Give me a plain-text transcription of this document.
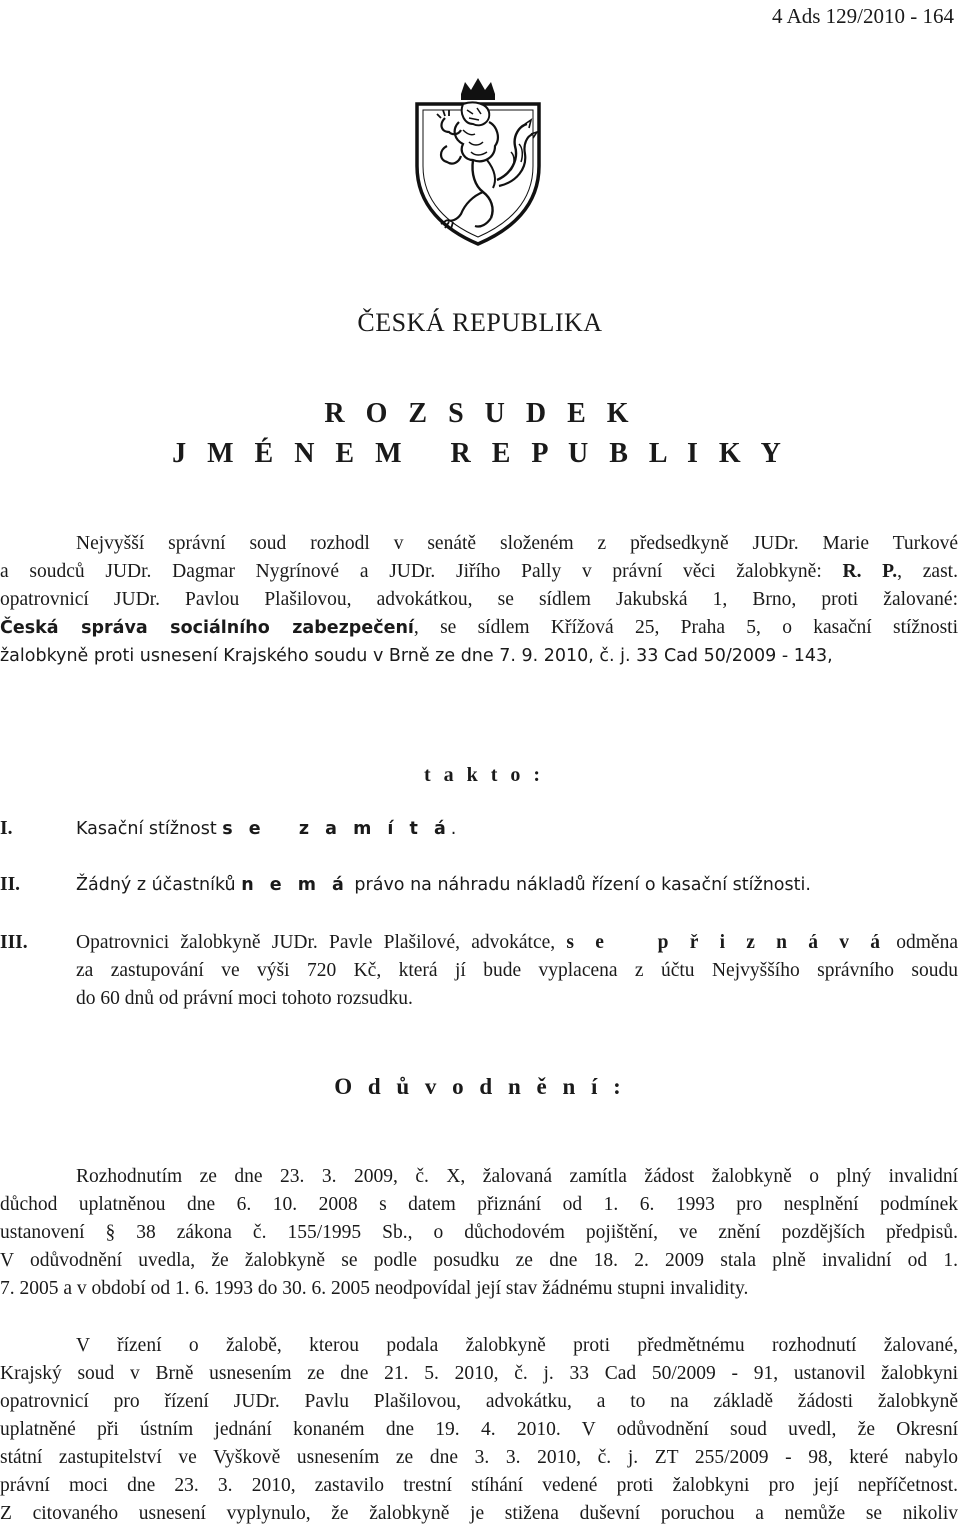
4 Ads 129/2010 - 164
ČESKÁ REPUBLIKA
R O Z S U D E K
J M É N E M   R E P U B L I K Y
Nejvyšší správní soud rozhodl v senátě složeném z předsedkyně JUDr. Marie Turkové
a soudců JUDr. Dagmar Nygrínové a JUDr. Jiřího Pally v právní věci žalobkyně: R. P., zast.
opatrovnicí JUDr. Pavlou Plašilovou, advokátkou, se sídlem Jakubská 1, Brno, proti žalované:
Česká správa sociálního zabezpečení, se sídlem Křížová 25, Praha 5, o kasační stížnosti
žalobkyně proti usnesení Krajského soudu v Brně ze dne 7. 9. 2010, č. j. 33 Cad 50/2009 - 143,
t a k t o :
I.	Kasační stížnost s e   z a m í t á.
II.	Žádný z účastníků n e m á právo na náhradu nákladů řízení o kasační stížnosti.
III. Opatrovnici žalobkyně JUDr. Pavle Plašilové, advokátce, s e   p ř i z n á v á odměna
za zastupování ve výši 720 Kč, která jí bude vyplacena z účtu Nejvyššího správního soudu
do 60 dnů od právní moci tohoto rozsudku.
O d ů v o d n ě n í :
Rozhodnutím ze dne 23. 3. 2009, č. X, žalovaná zamítla žádost žalobkyně o plný invalidní
důchod uplatněnou dne 6. 10. 2008 s datem přiznání od 1. 6. 1993 pro nesplnění podmínek
ustanovení § 38 zákona č. 155/1995 Sb., o důchodovém pojištění, ve znění pozdějších předpisů.
V odůvodnění uvedla, že žalobkyně se podle posudku ze dne 18. 2. 2009 stala plně invalidní od 1.
7. 2005 a v období od 1. 6. 1993 do 30. 6. 2005 neodpovídal její stav žádnému stupni invalidity.
V řízení o žalobě, kterou podala žalobkyně proti předmětnému rozhodnutí žalované,
Krajský soud v Brně usnesením ze dne 21. 5. 2010, č. j. 33 Cad 50/2009 - 91, ustanovil žalobkyni
opatrovnicí pro řízení JUDr. Pavlu Plašilovou, advokátku, a to na základě žádosti žalobkyně
uplatněné při ústním jednání konaném dne 19. 4. 2010. V odůvodnění soud uvedl, že Okresní
státní zastupitelství ve Vyškově usnesením ze dne 3. 3. 2010, č. j. ZT 255/2009 - 98, které nabylo
právní moci dne 23. 3. 2010, zastavilo trestní stíhání vedené proti žalobkyni pro její nepříčetnost.
Z citovaného usnesení vyplynulo, že žalobkyně je stižena duševní poruchou a nemůže se nikoliv
